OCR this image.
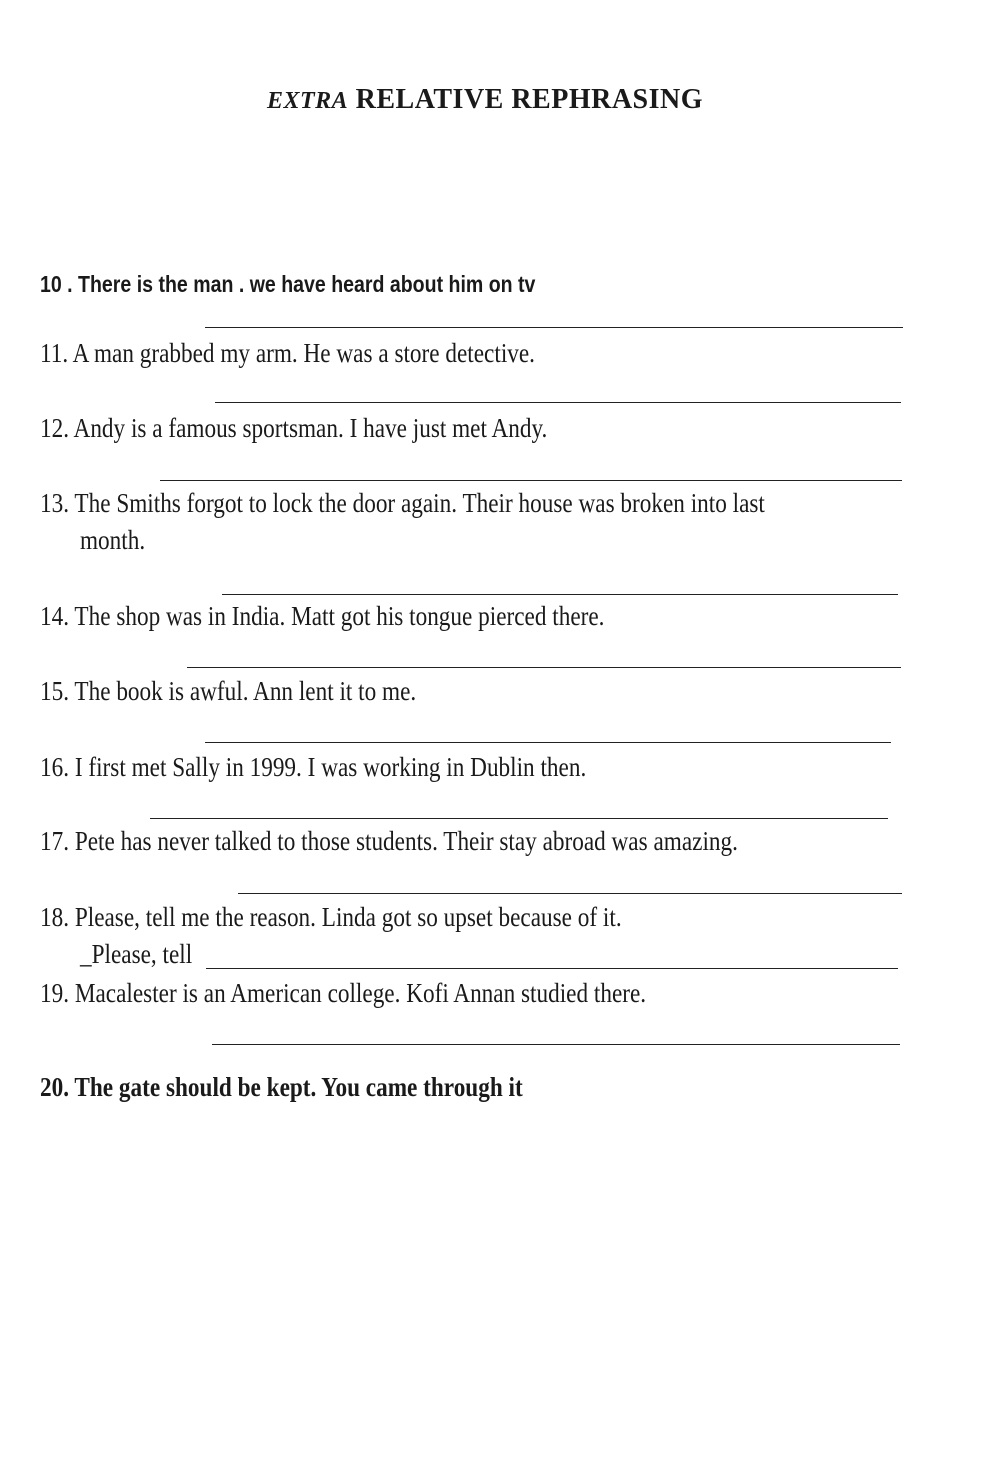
EXTRA RELATIVE REPHRASING
10 . There is the man . we have heard about him on tv
11. A man grabbed my arm. He was a store detective.
12. Andy is a famous sportsman. I have just met Andy.
13. The Smiths forgot to lock the door again. Their house was broken into last
month.
14. The shop was in India. Matt got his tongue pierced there.
15. The book is awful. Ann lent it to me.
16. I first met Sally in 1999. I was working in Dublin then.
17. Pete has never talked to those students. Their stay abroad was amazing.
18. Please, tell me the reason. Linda got so upset because of it.
_Please, tell
19. Macalester is an American college. Kofi Annan studied there.
20. The gate should be kept. You came through it
